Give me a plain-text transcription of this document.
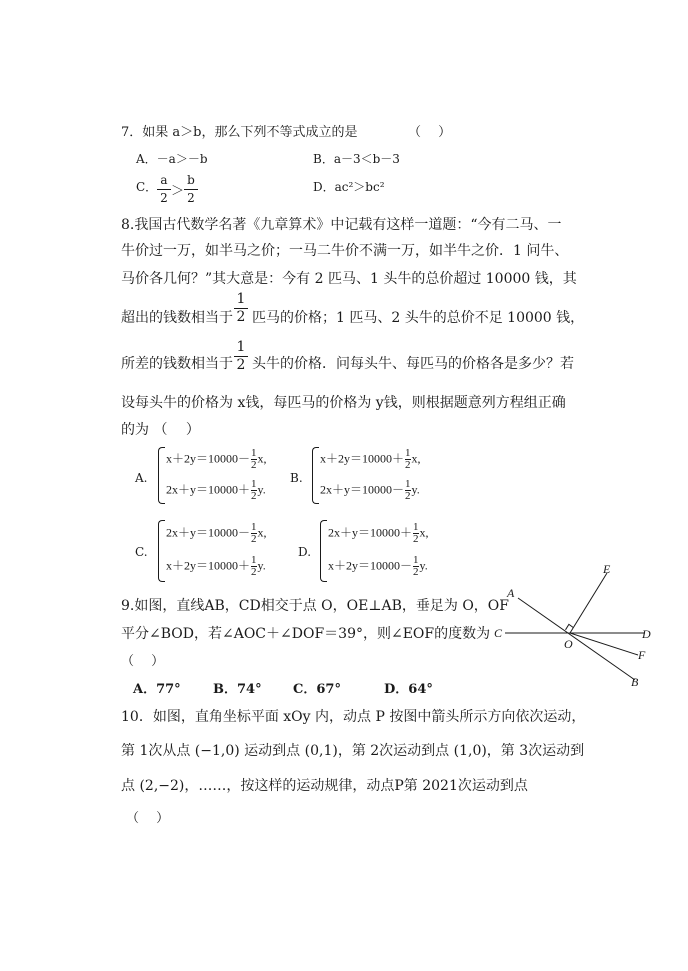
7．如果 a＞b，那么下列不等式成立的是	（　 ）
A．－a＞－b	B．a－3＜b－3
C． a
2 ＞
b
2
D．ac²＞bc²
8.我国古代数学名著《九章算术》中记载有这样一道题：“今有二马、一
牛价过一万，如半马之价；一马二牛价不满一万，如半牛之价．1 问牛、
马价各几何？”其大意是：今有 2 匹马、1 头牛的总价超过 10000 钱，其
超出的钱数相当于
1
2 匹马的价格；1 匹马、2 头牛的总价不足 10000 钱，
所差的钱数相当于
1
2 头牛的价格．问每头牛、每匹马的价格各是多少？若
设每头牛的价格为 x钱，每匹马的价格为 y钱，则根据题意列方程组正确
的为 （　 ）
A.
$x+2y=10000- \frac{1}{2} x$,
$2x+y=10000+ \frac{1}{2} y$.
B.
$x+2y=10000+ \frac{1}{2} x$,
$2x+y=10000- \frac{1}{2} y$.
C.
$2x+y=10000- \frac{1}{2} x$,
$x+2y=10000+ \frac{1}{2} y$.
D.
$2x+y=10000+ \frac{1}{2} x$,
$x+2y=10000- \frac{1}{2} y$.
9.如图，直线AB，CD相交于点 O，OE⊥AB，垂足为 O，OF
平分∠BOD，若∠AOC＋∠DOF＝39°，则∠EOF的度数为
（　 ）
A．77° B．74° C．67°	D．64°
A
C
E
D
O
F
B
10．如图，直角坐标平面 xOy 内，动点 P 按图中箭头所示方向依次运动，
第 1次从点 (−1,0) 运动到点 (0,1)，第 2次运动到点 (1,0)，第 3次运动到
点 (2,−2)，……，按这样的运动规律，动点P第 2021次运动到点
（　 ）
